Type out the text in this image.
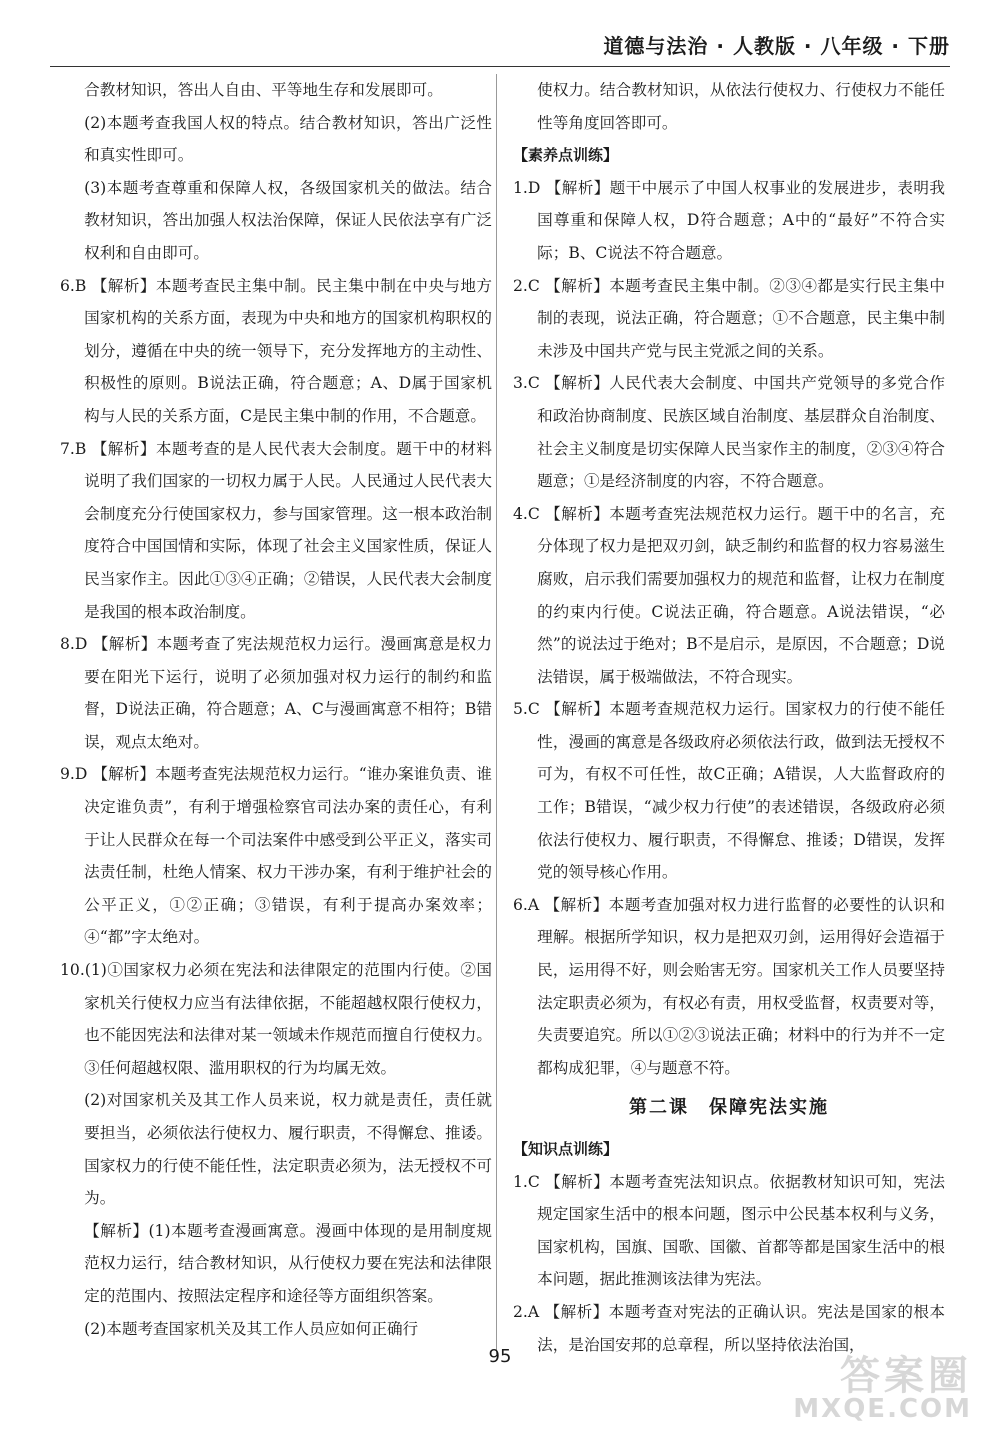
道德与法治 · 人教版 · 八年级 · 下册

合教材知识，答出人自由、平等地生存和发展即可。

(2)本题考查我国人权的特点。结合教材知识，答出广泛性和真实性即可。

(3)本题考查尊重和保障人权，各级国家机关的做法。结合教材知识，答出加强人权法治保障，保证人民依法享有广泛权利和自由即可。

6.B 【解析】本题考查民主集中制。民主集中制在中央与地方国家机构的关系方面，表现为中央和地方的国家机构职权的划分，遵循在中央的统一领导下，充分发挥地方的主动性、积极性的原则。B说法正确，符合题意；A、D属于国家机构与人民的关系方面，C是民主集中制的作用，不合题意。

7.B 【解析】本题考查的是人民代表大会制度。题干中的材料说明了我们国家的一切权力属于人民。人民通过人民代表大会制度充分行使国家权力，参与国家管理。这一根本政治制度符合中国国情和实际，体现了社会主义国家性质，保证人民当家作主。因此①③④正确；②错误，人民代表大会制度是我国的根本政治制度。

8.D 【解析】本题考查了宪法规范权力运行。漫画寓意是权力要在阳光下运行，说明了必须加强对权力运行的制约和监督，D说法正确，符合题意；A、C与漫画寓意不相符；B错误，观点太绝对。

9.D 【解析】本题考查宪法规范权力运行。“谁办案谁负责、谁决定谁负责”，有利于增强检察官司法办案的责任心，有利于让人民群众在每一个司法案件中感受到公平正义，落实司法责任制，杜绝人情案、权力干涉办案，有利于维护社会的公平正义，①②正确；③错误，有利于提高办案效率；④“都”字太绝对。

10.(1)①国家权力必须在宪法和法律限定的范围内行使。②国家机关行使权力应当有法律依据，不能超越权限行使权力，也不能因宪法和法律对某一领域未作规范而擅自行使权力。③任何超越权限、滥用职权的行为均属无效。

(2)对国家机关及其工作人员来说，权力就是责任，责任就要担当，必须依法行使权力、履行职责，不得懈怠、推诿。国家权力的行使不能任性，法定职责必须为，法无授权不可为。

【解析】(1)本题考查漫画寓意。漫画中体现的是用制度规范权力运行，结合教材知识，从行使权力要在宪法和法律限定的范围内、按照法定程序和途径等方面组织答案。

(2)本题考查国家机关及其工作人员应如何正确行

使权力。结合教材知识，从依法行使权力、行使权力不能任性等角度回答即可。

【素养点训练】

1.D 【解析】题干中展示了中国人权事业的发展进步，表明我国尊重和保障人权，D符合题意；A中的“最好”不符合实际；B、C说法不符合题意。

2.C 【解析】本题考查民主集中制。②③④都是实行民主集中制的表现，说法正确，符合题意；①不合题意，民主集中制未涉及中国共产党与民主党派之间的关系。

3.C 【解析】人民代表大会制度、中国共产党领导的多党合作和政治协商制度、民族区域自治制度、基层群众自治制度、社会主义制度是切实保障人民当家作主的制度，②③④符合题意；①是经济制度的内容，不符合题意。

4.C 【解析】本题考查宪法规范权力运行。题干中的名言，充分体现了权力是把双刃剑，缺乏制约和监督的权力容易滋生腐败，启示我们需要加强权力的规范和监督，让权力在制度的约束内行使。C说法正确，符合题意。A说法错误，“必然”的说法过于绝对；B不是启示，是原因，不合题意；D说法错误，属于极端做法，不符合现实。

5.C 【解析】本题考查规范权力运行。国家权力的行使不能任性，漫画的寓意是各级政府必须依法行政，做到法无授权不可为，有权不可任性，故C正确；A错误，人大监督政府的工作；B错误，“减少权力行使”的表述错误，各级政府必须依法行使权力、履行职责，不得懈怠、推诿；D错误，发挥党的领导核心作用。

6.A 【解析】本题考查加强对权力进行监督的必要性的认识和理解。根据所学知识，权力是把双刃剑，运用得好会造福于民，运用得不好，则会贻害无穷。国家机关工作人员要坚持法定职责必须为，有权必有责，用权受监督，权责要对等，失责要追究。所以①②③说法正确；材料中的行为并不一定都构成犯罪，④与题意不符。

第二课　保障宪法实施

【知识点训练】

1.C 【解析】本题考查宪法知识点。依据教材知识可知，宪法规定国家生活中的根本问题，图示中公民基本权利与义务，国家机构，国旗、国歌、国徽、首都等都是国家生活中的根本问题，据此推测该法律为宪法。

2.A 【解析】本题考查对宪法的正确认识。宪法是国家的根本法，是治国安邦的总章程，所以坚持依法治国，

95	答案圈
MXQE.COM
